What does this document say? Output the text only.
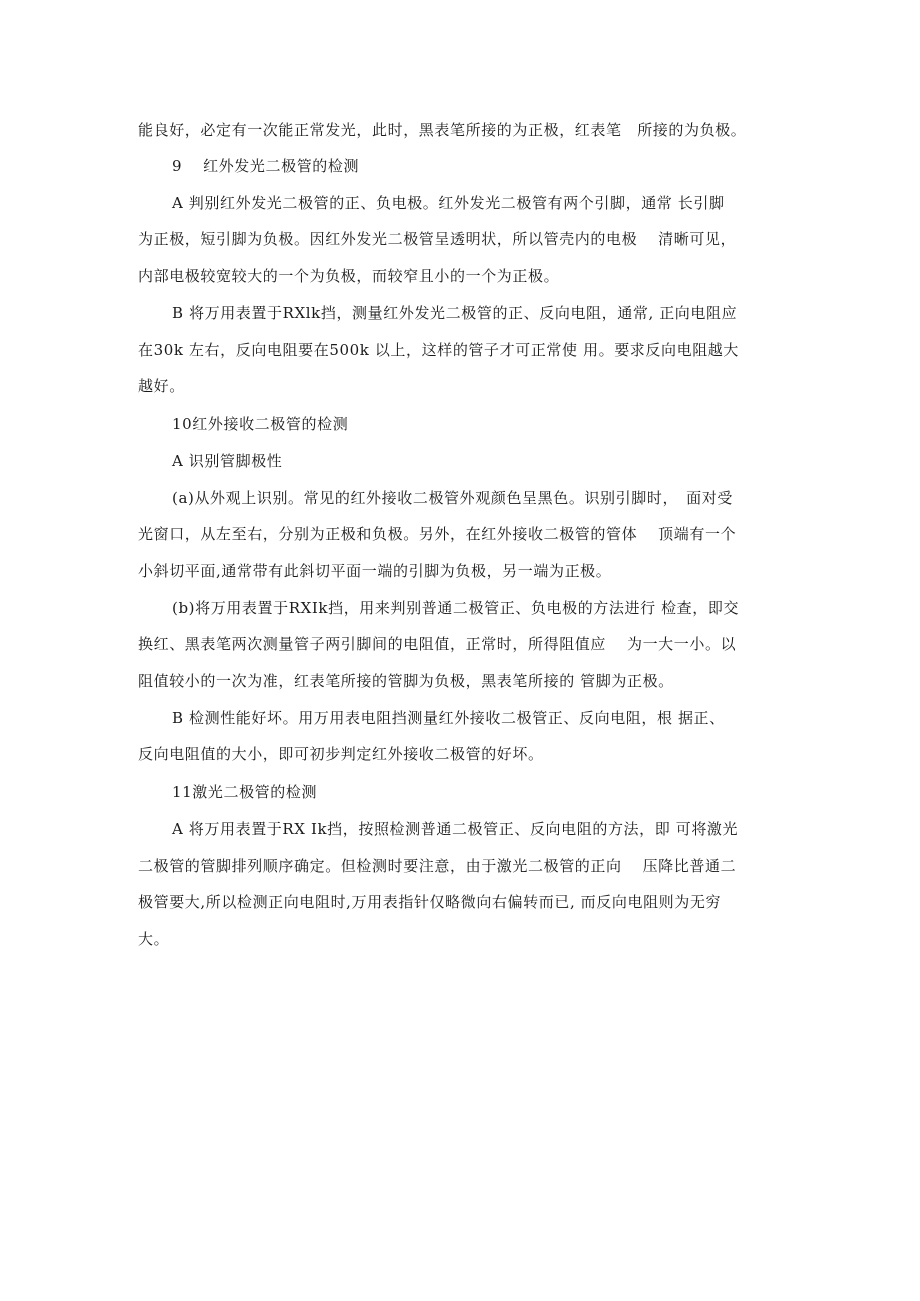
能良好，必定有一次能正常发光，此时，黑表笔所接的为正极，红表笔　所接的为负极。
9　 红外发光二极管的检测
A 判别红外发光二极管的正、负电极。红外发光二极管有两个引脚，通常 长引脚
为正极，短引脚为负极。因红外发光二极管呈透明状，所以管壳内的电极　 清晰可见，
内部电极较宽较大的一个为负极，而较窄且小的一个为正极。
B 将万用表置于RXlk挡，测量红外发光二极管的正、反向电阻，通常, 正向电阻应
在30k 左右，反向电阻要在500k 以上，这样的管子才可正常使 用。要求反向电阻越大
越好。
10红外接收二极管的检测
A 识别管脚极性
(a)从外观上识别。常见的红外接收二极管外观颜色呈黑色。识别引脚时，　面对受
光窗口，从左至右，分别为正极和负极。另外，在红外接收二极管的管体　 顶端有一个
小斜切平面,通常带有此斜切平面一端的引脚为负极，另一端为正极。
(b)将万用表置于RXIk挡，用来判别普通二极管正、负电极的方法进行 检查，即交
换红、黑表笔两次测量管子两引脚间的电阻值，正常时，所得阻值应　 为一大一小。以
阻值较小的一次为准，红表笔所接的管脚为负极，黑表笔所接的 管脚为正极。
B 检测性能好坏。用万用表电阻挡测量红外接收二极管正、反向电阻，根 据正、
反向电阻值的大小，即可初步判定红外接收二极管的好坏。
11激光二极管的检测
A 将万用表置于RX Ik挡，按照检测普通二极管正、反向电阻的方法，即 可将激光
二极管的管脚排列顺序确定。但检测时要注意，由于激光二极管的正向　 压降比普通二
极管要大,所以检测正向电阻时,万用表指针仅略微向右偏转而已, 而反向电阻则为无穷
大。
